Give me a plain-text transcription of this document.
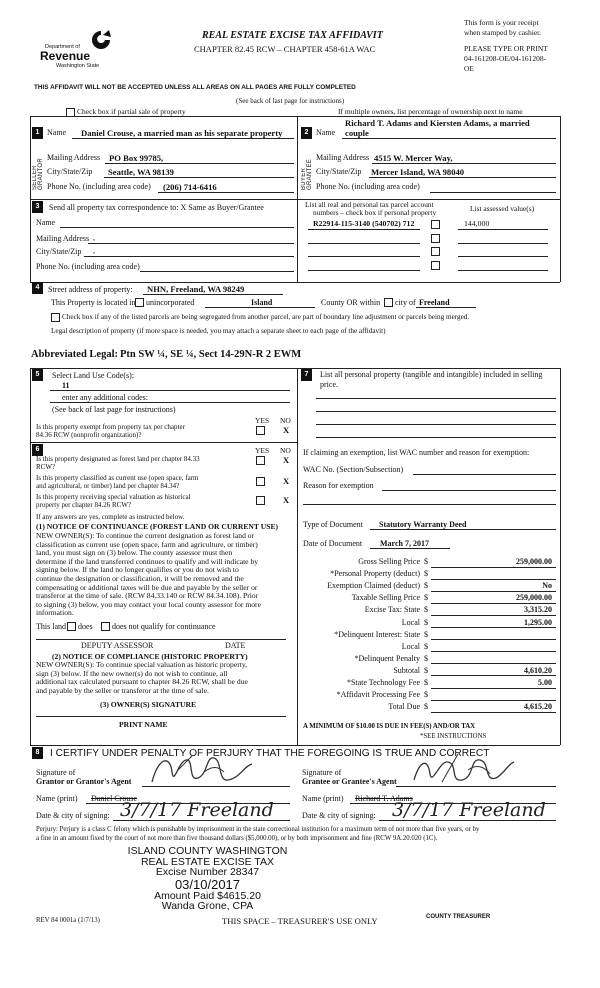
Department of
Revenue
Washington State
REAL ESTATE EXCISE TAX AFFIDAVIT
CHAPTER 82.45 RCW – CHAPTER 458-61A WAC
This form is your receipt
when stamped by cashier.
PLEASE TYPE OR PRINT
04-161208-OE/04-161208-
OE
THIS AFFIDAVIT WILL NOT BE ACCEPTED UNLESS ALL AREAS ON ALL PAGES ARE FULLY COMPLETED
(See back of last page for instructions)
Check box if partial sale of property	If multiple owners, list percentage of ownership next to name
1
SELLER GRANTOR
Name Daniel Crouse, a married man as his separate property
Mailing Address PO Box 99785,
City/State/Zip Seattle, WA 98139
Phone No. (including area code) (206) 714-6416
2
BUYER GRANTEE
Richard T. Adams and Kiersten Adams, a married
Name couple
Mailing Address 4515 W. Mercer Way,
City/State/Zip Mercer Island, WA 98040
Phone No. (including area code)
3	Send all property tax correspondence to: X Same as Buyer/Grantee
Name
Mailing Address ,
City/State/Zip ,
Phone No. (including area code)
List all real and personal tax parcel account
numbers – check box if personal property	List assessed value(s)
R22914-115-3140 (540702) 712	144,000
4	Street address of property: NHN, Freeland, WA 98249
This Property is located in unincorporated	Island	County OR within city of Freeland
Check box if any of the listed parcels are being segregated from another parcel, are part of boundary line adjustment or parcels being merged.
Legal description of property (if more space is needed, you may attach a separate sheet to each page of the affidavit)
Abbreviated Legal: Ptn SW ¼, SE ¼, Sect 14-29N-R 2 EWM
5	Select Land Use Code(s):
11
enter any additional codes:
(See back of last page for instructions)
YES NO
Is this property exempt from property tax per chapter
84.36 RCW (nonprofit organization)?	X
6	YES NO
Is this property designated as forest land per chapter 84.33
RCW?
X
Is this property classified as current use (open space, farm
and agricultural, or timber) land per chapter 84.34?	X
Is this property receiving special valuation as historical
property per chapter 84.26 RCW?	X
If any answers are yes, complete as instructed below.
(1) NOTICE OF CONTINUANCE (FOREST LAND OR CURRENT USE)
NEW OWNER(S): To continue the current designation as forest land or
classification as current use (open space, farm and agriculture, or timber)
land, you must sign on (3) below. The county assessor must then
determine if the land transferred continues to qualify and will indicate by
signing below. If the land no longer qualifies or you do not wish to
continue the designation or classification, it will be removed and the
compensating or additional taxes will be due and payable by the seller or
transferor at the time of sale. (RCW 84.33.140 or RCW 84.34.108). Prior
to signing (3) below, you may contact your local county assessor for more
information.
This land does does not qualify for continuance
DEPUTY ASSESSOR	DATE
(2) NOTICE OF COMPLIANCE (HISTORIC PROPERTY)
NEW OWNER(S): To continue special valuation as historic property,
sign (3) below. If the new owner(s) do not wish to continue, all
additional tax calculated pursuant to chapter 84.26 RCW, shall be due
and payable by the seller or transferor at the time of sale.
(3) OWNER(S) SIGNATURE
PRINT NAME
7	List all personal property (tangible and intangible) included in selling
price.
If claiming an exemption, list WAC number and reason for exemption:
WAC No. (Section/Subsection)
Reason for exemption
Type of Document Statutory Warranty Deed
Date of Document March 7, 2017
Gross Selling Price $	259,000.00
*Personal Property (deduct) $
Exemption Claimed (deduct) $	No
Taxable Selling Price $	259,000.00
Excise Tax: State $	3,315.20
Local $	1,295.00
*Delinquent Interest: State $
Local $
*Delinquent Penalty $
Subtotal $	4,610.20
*State Technology Fee $	5.00
*Affidavit Processing Fee $
Total Due $	4,615.20
A MINIMUM OF $10.00 IS DUE IN FEE(S) AND/OR TAX
*SEE INSTRUCTIONS
8	I CERTIFY UNDER PENALTY OF PERJURY THAT THE FOREGOING IS TRUE AND CORRECT
Signature of
Grantor or Grantor's Agent
Name (print) Daniel Crouse
Date & city of signing: 3/7/17 Freeland
Signature of
Grantee or Grantee's Agent
Name (print) Richard T. Adams
Date & city of signing: 3/7/17 Freeland
Perjury: Perjury is a class C felony which is punishable by imprisonment in the state correctional institution for a maximum term of not more than five years, or by
a fine in an amount fixed by the court of not more than five thousand dollars ($5,000.00), or by both imprisonment and fine (RCW 9A.20.020 (1C).
ISLAND COUNTY WASHINGTON
REAL ESTATE EXCISE TAX
Excise Number 28347
03/10/2017
Amount Paid $4615.20
Wanda Grone, CPA
REV 84 0001a (1/7/13)	THIS SPACE – TREASURER'S USE ONLY	COUNTY TREASURER
